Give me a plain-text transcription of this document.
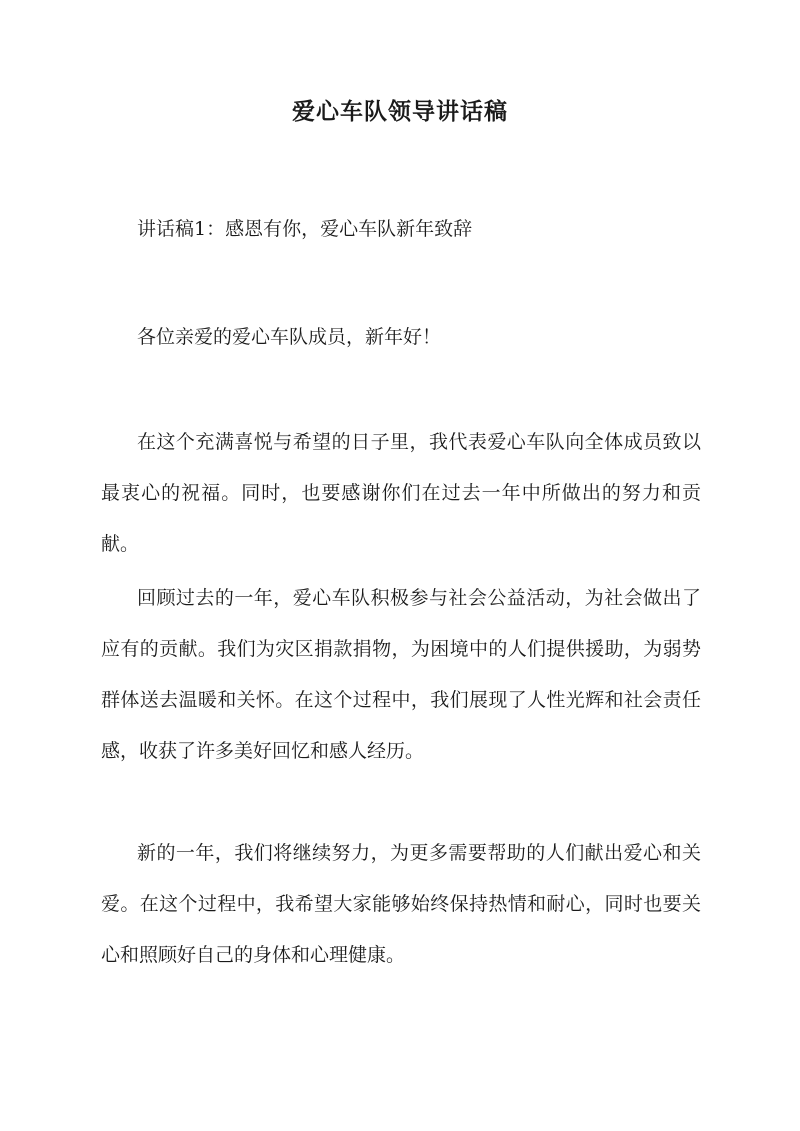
爱心车队领导讲话稿

讲话稿1：感恩有你，爱心车队新年致辞

各位亲爱的爱心车队成员，新年好！

在这个充满喜悦与希望的日子里，我代表爱心车队向全体成员致以最衷心的祝福。同时，也要感谢你们在过去一年中所做出的努力和贡献。

回顾过去的一年，爱心车队积极参与社会公益活动，为社会做出了应有的贡献。我们为灾区捐款捐物，为困境中的人们提供援助，为弱势群体送去温暖和关怀。在这个过程中，我们展现了人性光辉和社会责任感，收获了许多美好回忆和感人经历。

新的一年，我们将继续努力，为更多需要帮助的人们献出爱心和关爱。在这个过程中，我希望大家能够始终保持热情和耐心，同时也要关心和照顾好自己的身体和心理健康。
